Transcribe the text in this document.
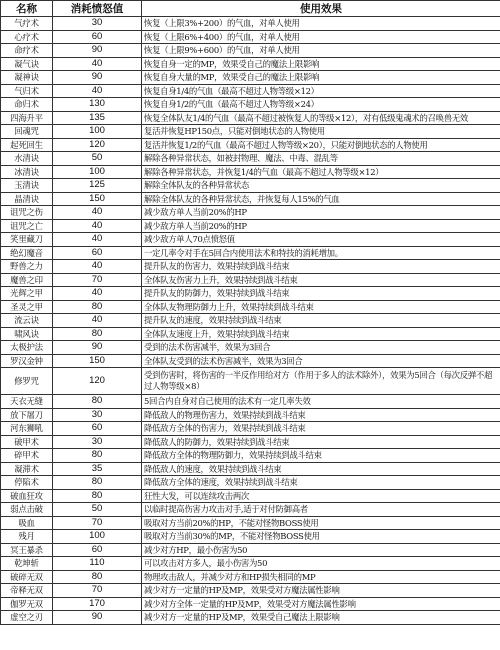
名称	消耗愤怒值	使用效果
气疗术	30	恢复（上限3%+200）的气血，对单人使用
心疗术	60	恢复（上限6%+400）的气血，对单人使用
命疗术	90	恢复（上限9%+600）的气血，对单人使用
凝气诀	40	恢复自身一定的MP，效果受自己的魔法上限影响
凝神诀	90	恢复自身大量的MP，效果受自己的魔法上限影响
气归术	40	恢复自身1/4的气血（最高不超过人物等级×12）
命归术	130	恢复自身1/2的气血（最高不超过人物等级×24）
四海升平	135	恢复全体队友1/4的气血（最高不超过被恢复人的等级×12），对有低级鬼魂术的召唤兽无效
回魂咒	100	复活并恢复HP150点，只能对倒地状态的人物使用
起死回生	120	复活并恢复1/2的气血（最高不超过人物等级×20），只能对倒地状态的人物使用
水清诀	50	解除各种异常状态，如被封物理、魔法、中毒、混乱等
冰清诀	100	解除各种异常状态，并恢复1/4的气血（最高不超过人物等级×12）
玉清诀	125	解除全体队友的各种异常状态
晶清诀	150	解除全体队友的各种异常状态，并恢复每人15%的气血
诅咒之伤	40	减少敌方单人当前20%的HP
诅咒之亡	40	减少敌方单人当前20%的HP
笑里藏刀	40	减少敌方单人70点愤怒值
绝幻魔音	60	一定几率令对手在5回合内使用法术和特技的消耗增加。
野兽之力	40	提升队友的伤害力，效果持续到战斗结束
魔兽之印	70	全体队友伤害力上升，效果持续到战斗结束
光辉之甲	40	提升队友的防御力，效果持续到战斗结束
圣灵之甲	80	全体队友物理防御力上升，效果持续到战斗结束
流云诀	40	提升队友的速度，效果持续到战斗结束
啸风诀	80	全体队友速度上升，效果持续到战斗结束
太极护法	90	受到的法术伤害减半，效果为3回合
罗汉金钟	150	全体队友受到的法术伤害减半，效果为3回合
修罗咒	120	受到伤害时，将伤害的一半反作用给对方（作用于多人的法术除外），效果为5回合（每次反弹不超过人物等级×8）
天衣无缝	80	5回合内自身对自己使用的法术有一定几率失效
放下屠刀	30	降低敌人的物理伤害力，效果持续到战斗结束
河东狮吼	60	降低敌方全体的伤害力，效果持续到战斗结束
破甲术	30	降低敌人的防御力，效果持续到战斗结束
碎甲术	80	降低敌方全体的物理防御力，效果持续到战斗结束
凝滞术	35	降低敌人的速度，效果持续到战斗结束
停陷术	80	降低敌方全体的速度，效果持续到战斗结束
破血狂攻	80	狂性大发，可以连续攻击两次
弱点击破	50	以临时提高伤害力攻击对手,适于对付防御高者
吸血	70	吸取对方当前20%的HP，不能对怪物BOSS使用
残月	100	吸取对方当前30%的MP，不能对怪物BOSS使用
冥王暴杀	60	减少对方HP，最小伤害为50
乾坤斩	110	可以攻击对方多人，最小伤害为50
破碎无双	80	物理攻击敌人，并减少对方和HP损失相同的MP
帝释无双	70	减少对方一定量的HP及MP，效果受对方魔法属性影响
伽罗无双	170	减少对方全体一定量的HP及MP，效果受对方魔法属性影响
虚空之刃	90	减少对方一定量的HP及MP，效果受自己魔法上限影响
